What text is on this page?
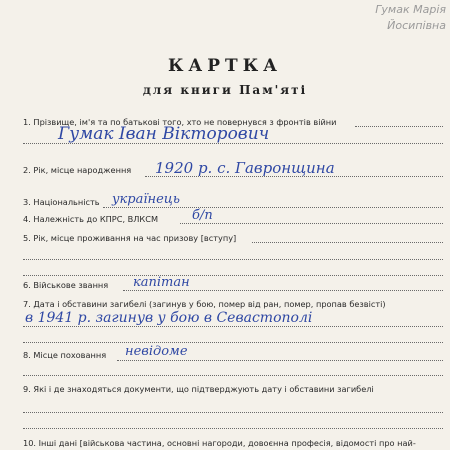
Гумак Марія
Йосипівна
КАРТКА
для книги Пам'яті
1. Прізвище, ім'я та по батькові того, хто не повернувся з фронтів війни
Гумак Іван Вікторович
2. Рік, місце народження 1920 р. с. Гавронщина
3. Національність українець
4. Належність до КПРС, ВЛКСМ	б/п
5. Рік, місце проживання на час призову [вступу]
6. Військове звання капітан
7. Дата і обставини загибелі (загинув у бою, помер від ран, помер, пропав безвісті)
в 1941 р. загинув у бою в Севастополі
8. Місце поховання невідоме
9. Які і де знаходяться документи, що підтверджують дату і обставини загибелі
10. Інші дані [військова частина, основні нагороди, довоєнна професія, відомості про най-
